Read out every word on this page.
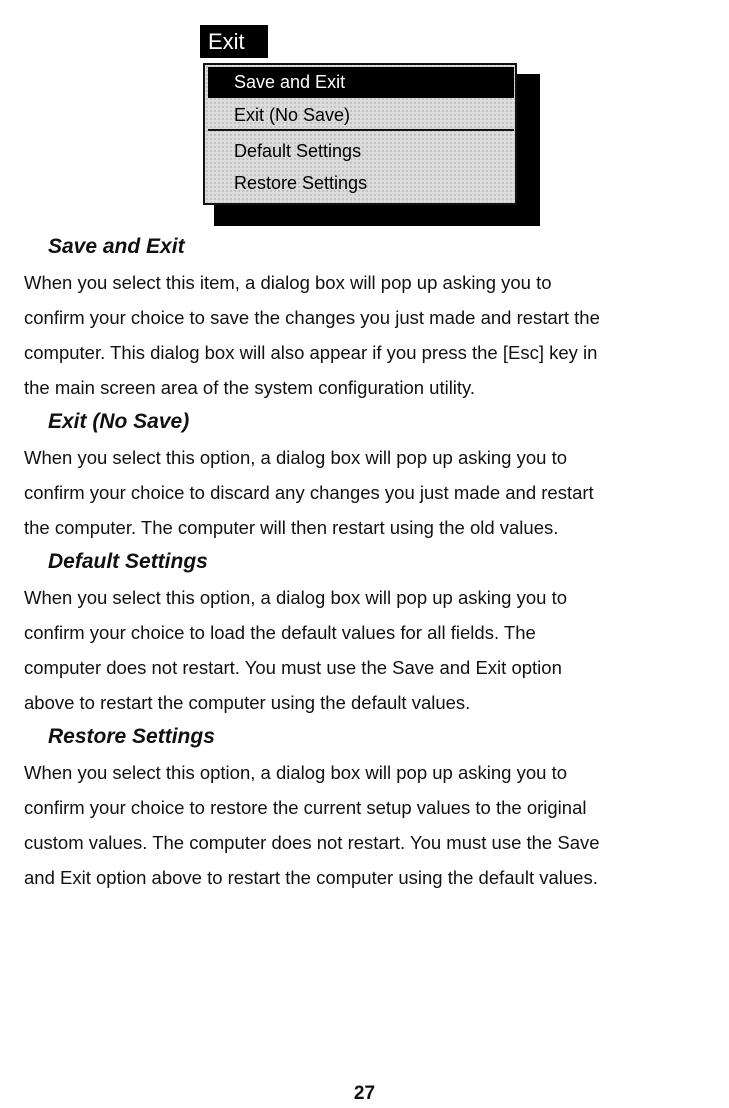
Exit
Save and Exit
Exit (No Save)
Default Settings
Restore Settings
Save and Exit
When you select this item, a dialog box will pop up asking you to
confirm your choice to save the changes you just made and restart the
computer. This dialog box will also appear if you press the [Esc] key in
the main screen area of the system configuration utility.
Exit (No Save)
When you select this option, a dialog box will pop up asking you to
confirm your choice to discard any changes you just made and restart
the computer. The computer will then restart using the old values.
Default Settings
When you select this option, a dialog box will pop up asking you to
confirm your choice to load the default values for all fields. The
computer does not restart. You must use the Save and Exit option
above to restart the computer using the default values.
Restore Settings
When you select this option, a dialog box will pop up asking you to
confirm your choice to restore the current setup values to the original
custom values. The computer does not restart. You must use the Save
and Exit option above to restart the computer using the default values.
27
